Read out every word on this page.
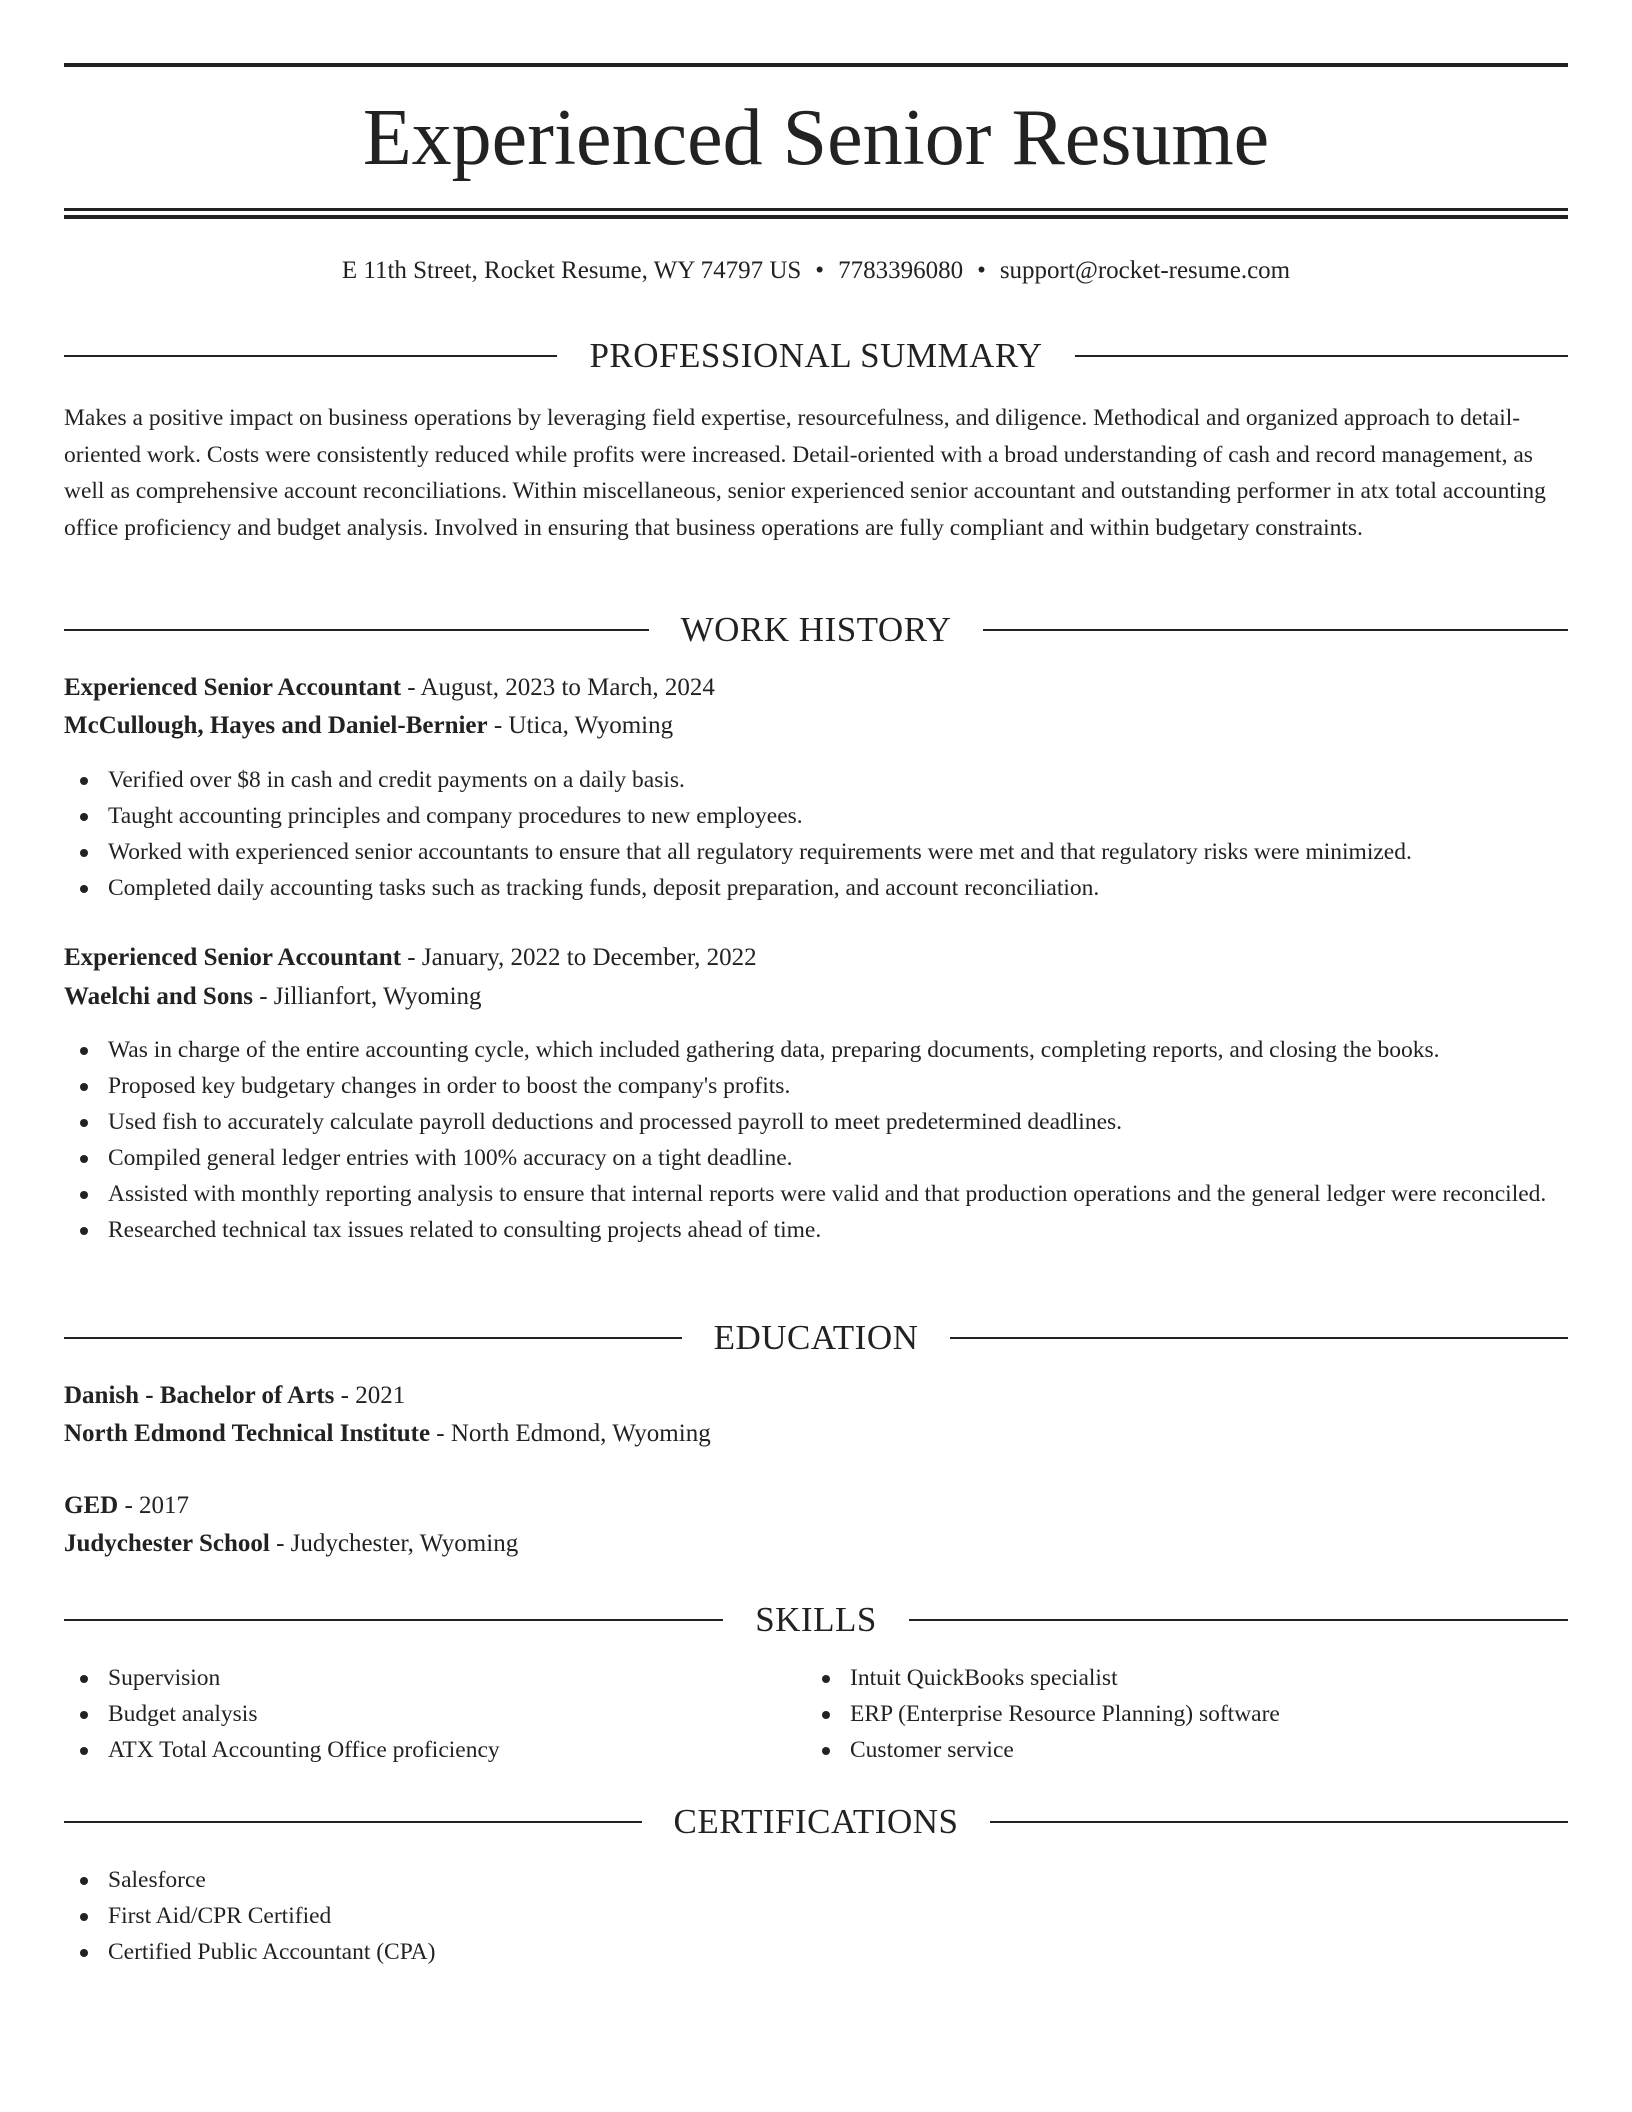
Experienced Senior Resume
E 11th Street, Rocket Resume, WY 74797 US • 7783396080 • support@rocket-resume.com
PROFESSIONAL SUMMARY

Makes a positive impact on business operations by leveraging field expertise, resourcefulness, and diligence. Methodical and organized approach to detail-oriented work. Costs were consistently reduced while profits were increased. Detail-oriented with a broad understanding of cash and record management, as well as comprehensive account reconciliations. Within miscellaneous, senior experienced senior accountant and outstanding performer in atx total accounting office proficiency and budget analysis. Involved in ensuring that business operations are fully compliant and within budgetary constraints.

WORK HISTORY
Experienced Senior Accountant - August, 2023 to March, 2024
McCullough, Hayes and Daniel-Bernier - Utica, Wyoming
Verified over $8 in cash and credit payments on a daily basis.
Taught accounting principles and company procedures to new employees.
Worked with experienced senior accountants to ensure that all regulatory requirements were met and that regulatory risks were minimized.
Completed daily accounting tasks such as tracking funds, deposit preparation, and account reconciliation.
Experienced Senior Accountant - January, 2022 to December, 2022
Waelchi and Sons - Jillianfort, Wyoming
Was in charge of the entire accounting cycle, which included gathering data, preparing documents, completing reports, and closing the books.
Proposed key budgetary changes in order to boost the company's profits.
Used fish to accurately calculate payroll deductions and processed payroll to meet predetermined deadlines.
Compiled general ledger entries with 100% accuracy on a tight deadline.
Assisted with monthly reporting analysis to ensure that internal reports were valid and that production operations and the general ledger were reconciled.
Researched technical tax issues related to consulting projects ahead of time.
EDUCATION
Danish - Bachelor of Arts - 2021
North Edmond Technical Institute - North Edmond, Wyoming
GED - 2017
Judychester School - Judychester, Wyoming
SKILLS
Supervision
Budget analysis
ATX Total Accounting Office proficiency
Intuit QuickBooks specialist
ERP (Enterprise Resource Planning) software
Customer service
CERTIFICATIONS
Salesforce
First Aid/CPR Certified
Certified Public Accountant (CPA)
